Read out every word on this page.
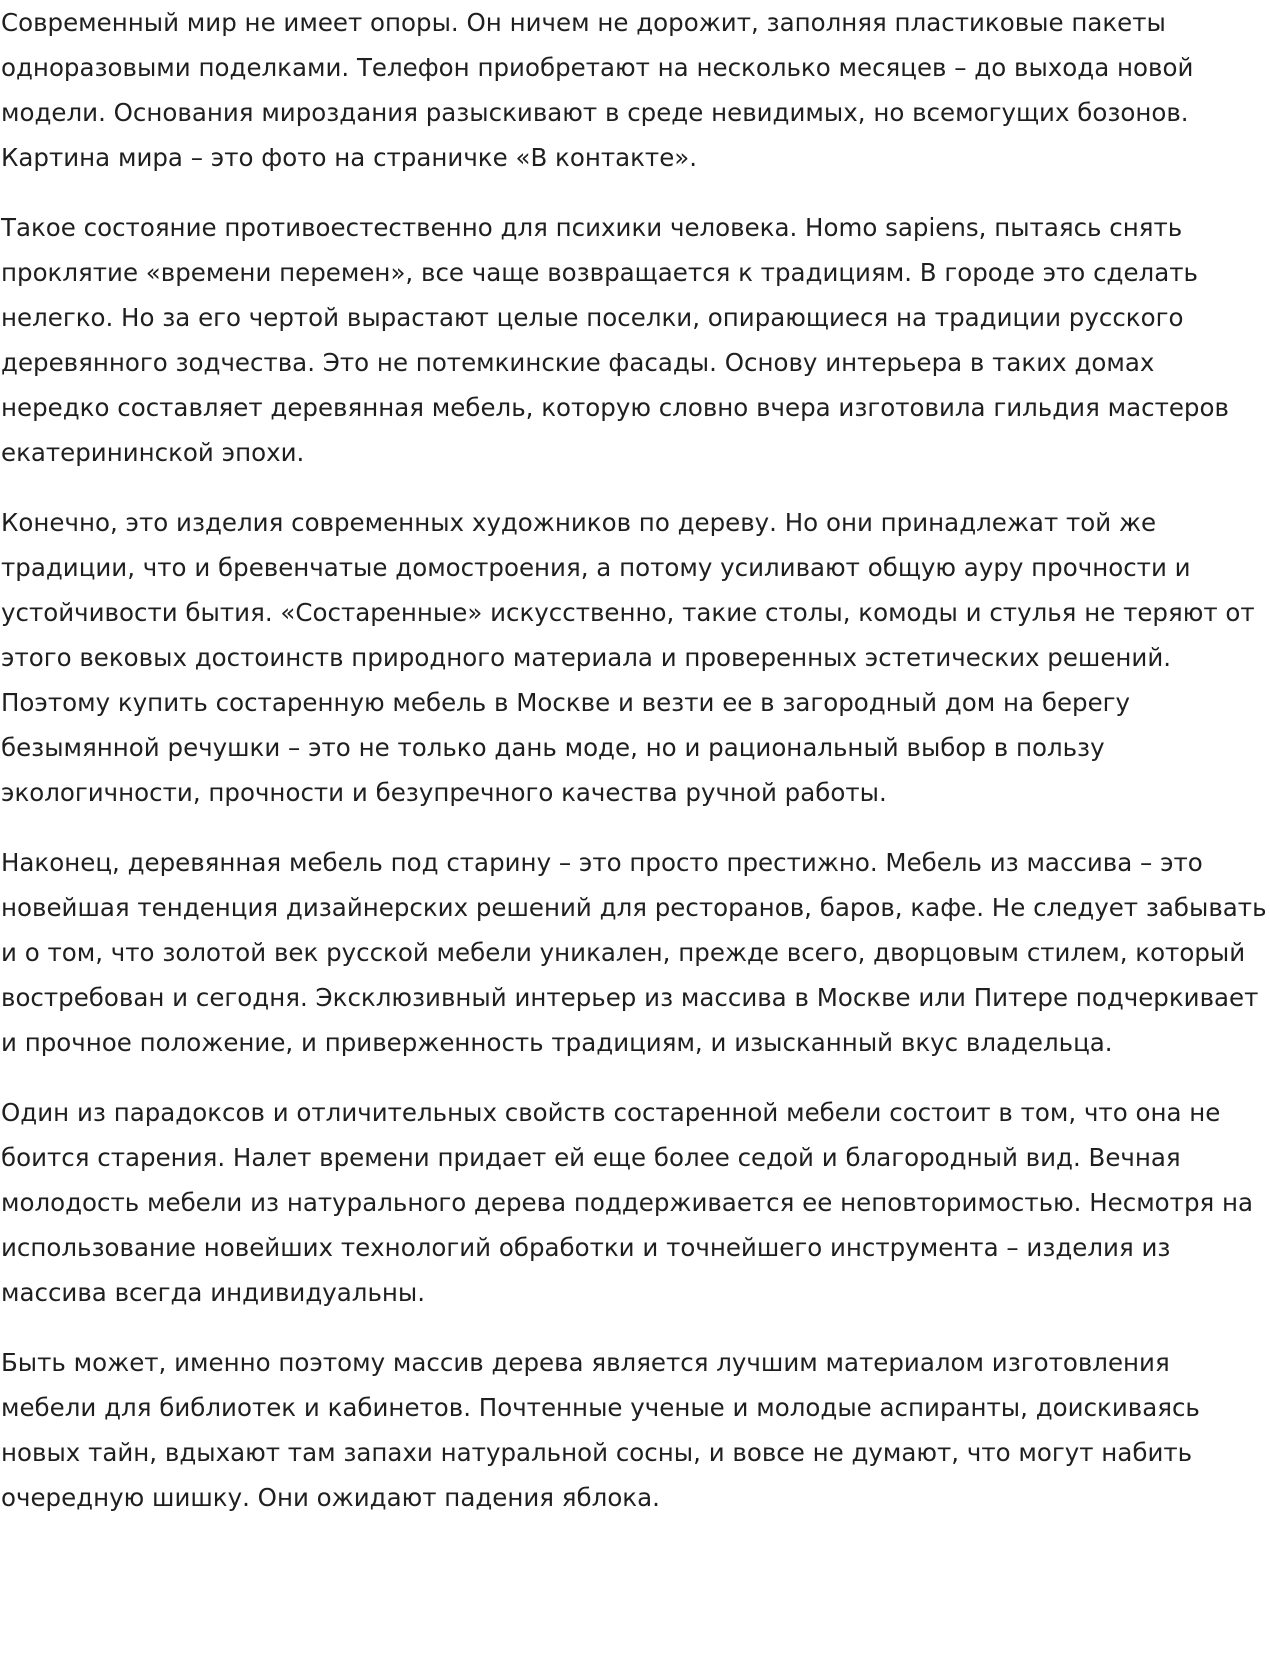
Современный мир не имеет опоры. Он ничем не дорожит, заполняя пластиковые пакеты одноразовыми поделками. Телефон приобретают на несколько месяцев – до выхода новой модели. Основания мироздания разыскивают в среде невидимых, но всемогущих бозонов. Картина мира – это фото на страничке «В контакте».

Такое состояние противоестественно для психики человека. Homo sapiens, пытаясь снять проклятие «времени перемен», все чаще возвращается к традициям. В городе это сделать нелегко. Но за его чертой вырастают целые поселки, опирающиеся на традиции русского деревянного зодчества. Это не потемкинские фасады. Основу интерьера в таких домах нередко составляет деревянная мебель, которую словно вчера изготовила гильдия мастеров екатерининской эпохи.

Конечно, это изделия современных художников по дереву. Но они принадлежат той же традиции, что и бревенчатые домостроения, а потому усиливают общую ауру прочности и устойчивости бытия. «Состаренные» искусственно, такие столы, комоды и стулья не теряют от этого вековых достоинств природного материала и проверенных эстетических решений. Поэтому купить состаренную мебель в Москве и везти ее в загородный дом на берегу безымянной речушки – это не только дань моде, но и рациональный выбор в пользу экологичности, прочности и безупречного качества ручной работы.

Наконец, деревянная мебель под старину – это просто престижно. Мебель из массива – это новейшая тенденция дизайнерских решений для ресторанов, баров, кафе. Не следует забывать и о том, что золотой век русской мебели уникален, прежде всего, дворцовым стилем, который востребован и сегодня. Эксклюзивный интерьер из массива в Москве или Питере подчеркивает и прочное положение, и приверженность традициям, и изысканный вкус владельца.

Один из парадоксов и отличительных свойств состаренной мебели состоит в том, что она не боится старения. Налет времени придает ей еще более седой и благородный вид. Вечная молодость мебели из натурального дерева поддерживается ее неповторимостью. Несмотря на использование новейших технологий обработки и точнейшего инструмента – изделия из массива всегда индивидуальны.

Быть может, именно поэтому массив дерева является лучшим материалом изготовления мебели для библиотек и кабинетов. Почтенные ученые и молодые аспиранты, доискиваясь новых тайн, вдыхают там запахи натуральной сосны, и вовсе не думают, что могут набить очередную шишку. Они ожидают падения яблока.
